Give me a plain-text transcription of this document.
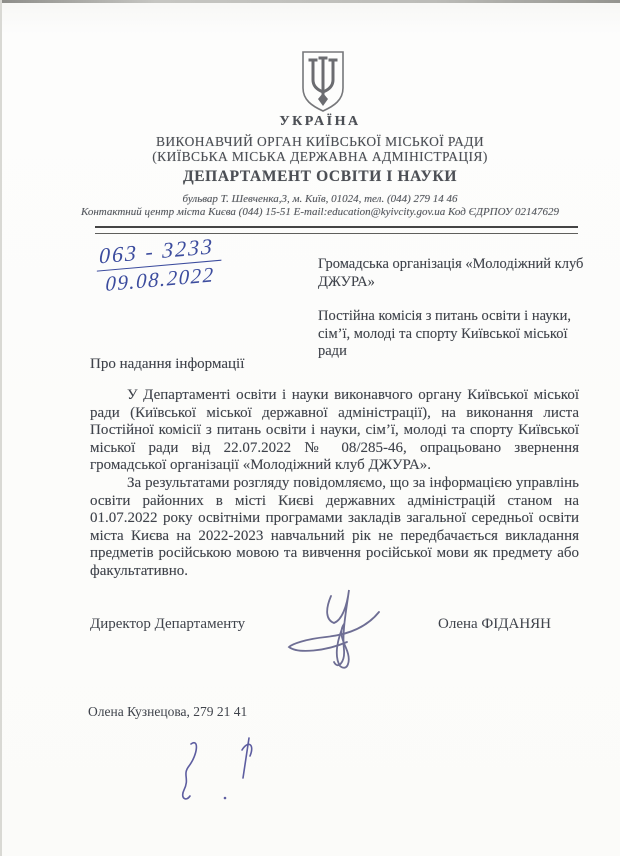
УКРАЇНА
ВИКОНАВЧИЙ ОРГАН КИЇВСЬКОЇ МІСЬКОЇ РАДИ
(КИЇВСЬКА МІСЬКА ДЕРЖАВНА АДМІНІСТРАЦІЯ)
ДЕПАРТАМЕНТ ОСВІТИ І НАУКИ
бульвар Т. Шевченка,3, м. Київ, 01024, тел. (044) 279 14 46
Контактний центр міста Києва (044) 15-51 E-mail:education@kyivcity.gov.ua Код ЄДРПОУ 02147629
063 - 3233
09.08.2022	Громадська організація «Молодіжний клуб ДЖУРА»

Постійна комісія з питань освіти і науки, сім’ї, молоді та спорту Київської міської ради

Про надання інформації

У Департаменті освіти і науки виконавчого органу Київської міської ради (Київської міської державної адміністрації), на виконання листа Постійної комісії з питань освіти і науки, сім’ї, молоді та спорту Київської міської ради від 22.07.2022 № 08/285-46, опрацьовано звернення громадської організації «Молодіжний клуб ДЖУРА».

За результатами розгляду повідомляємо, що за інформацією управлінь освіти районних в місті Києві державних адміністрацій станом на 01.07.2022 року освітніми програмами закладів загальної середньої освіти міста Києва на 2022-2023 навчальний рік не передбачається викладання предметів російською мовою та вивчення російської мови як предмету або факультативно.

Директор Департаменту	Олена ФІДАНЯН
Олена Кузнецова, 279 21 41
